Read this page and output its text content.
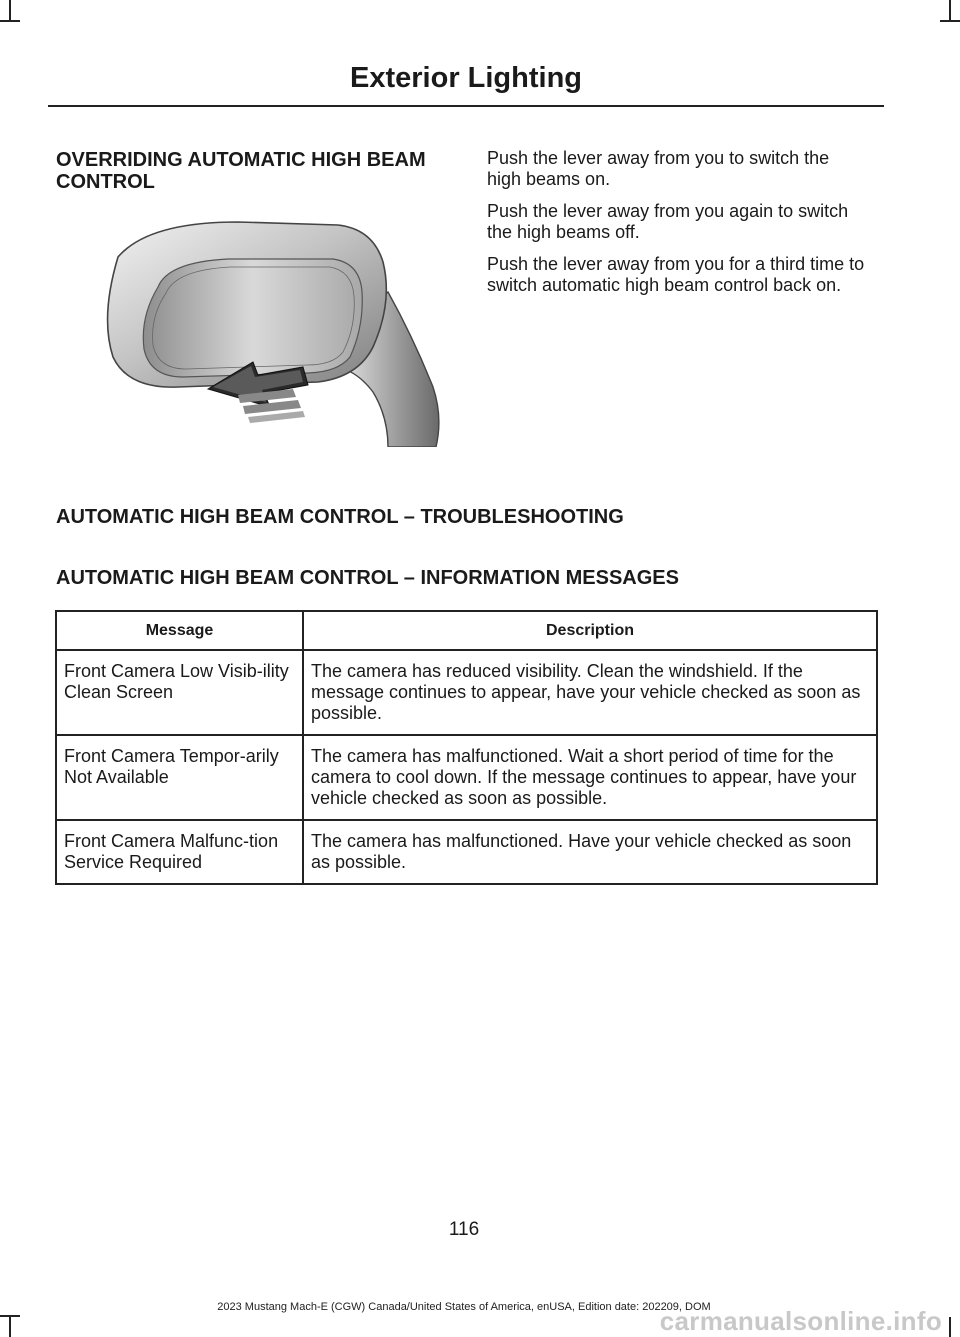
Exterior Lighting
OVERRIDING AUTOMATIC HIGH BEAM CONTROL

Push the lever away from you to switch the high beams on.

Push the lever away from you again to switch the high beams off.

Push the lever away from you for a third time to switch automatic high beam control back on.

AUTOMATIC HIGH BEAM CONTROL – TROUBLESHOOTING
AUTOMATIC HIGH BEAM CONTROL – INFORMATION MESSAGES
Message	Description
Front Camera Low Visib-ility Clean Screen	The camera has reduced visibility. Clean the windshield. If the message continues to appear, have your vehicle checked as soon as possible.
Front Camera Tempor-arily Not Available	The camera has malfunctioned. Wait a short period of time for the camera to cool down. If the message continues to appear, have your vehicle checked as soon as possible.
Front Camera Malfunc-tion Service Required	The camera has malfunctioned. Have your vehicle checked as soon as possible.
116
2023 Mustang Mach-E (CGW) Canada/United States of America, enUSA, Edition date: 202209, DOM
carmanualsonline.info
